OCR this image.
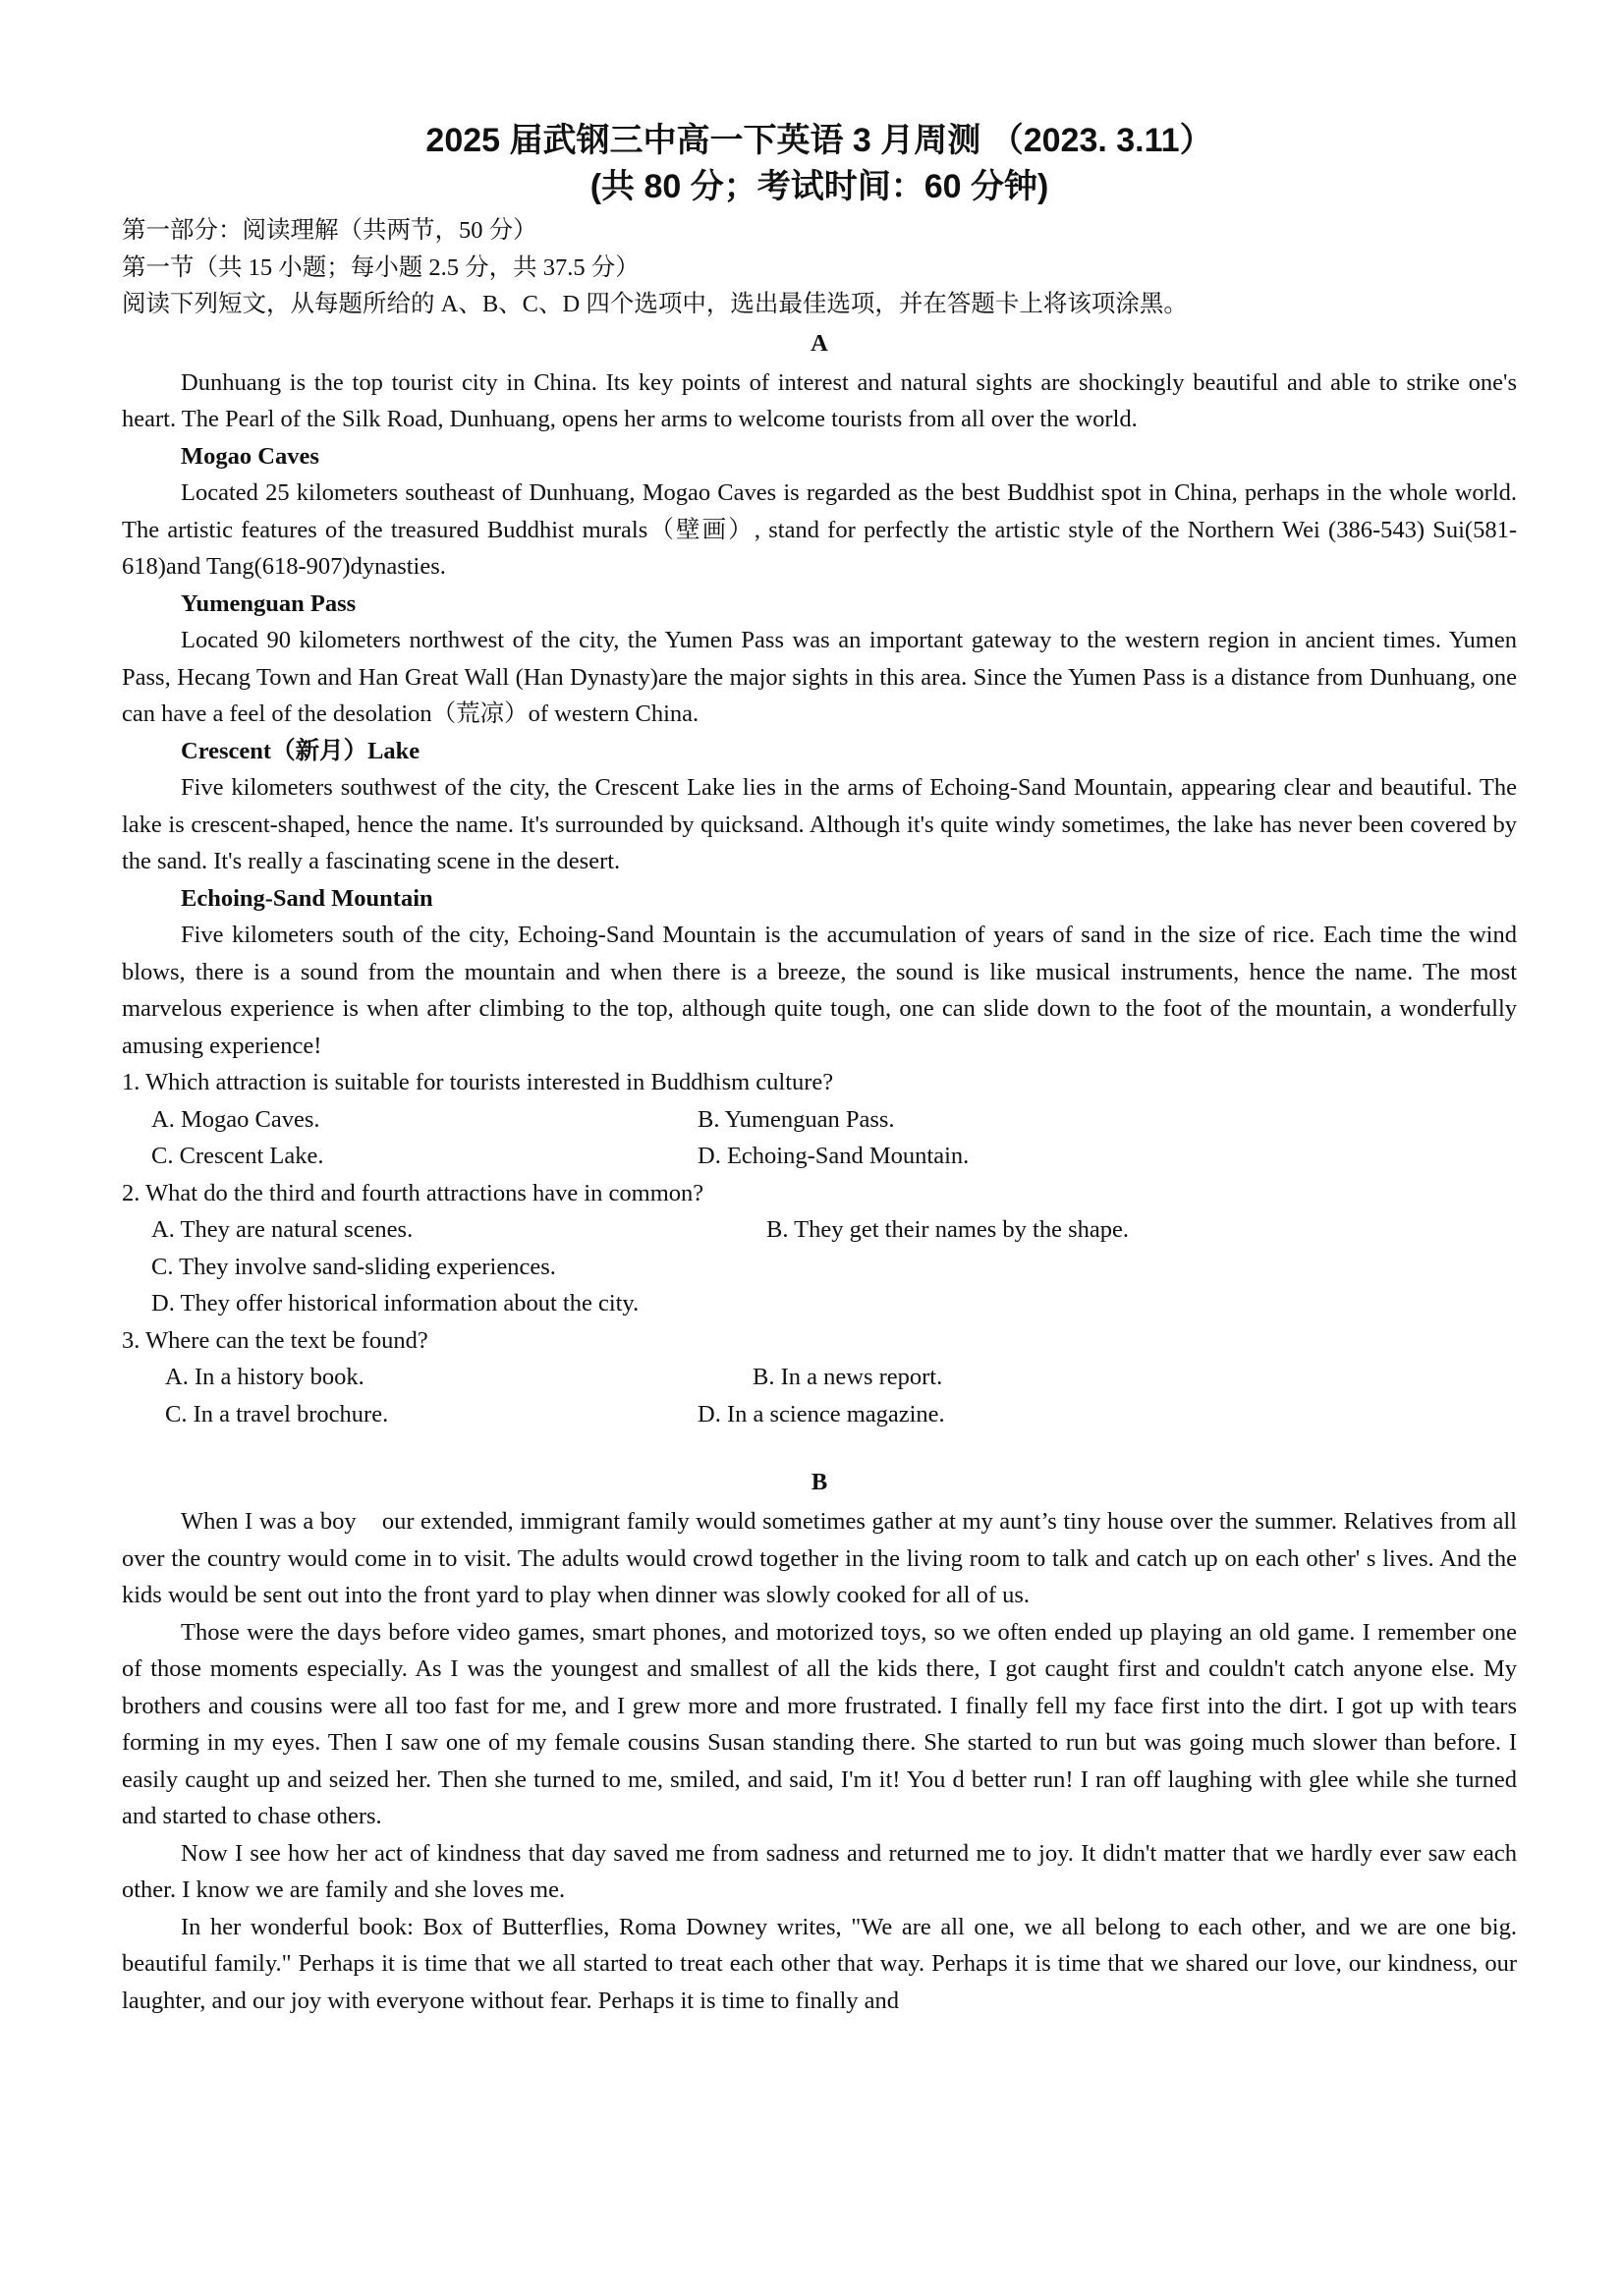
2025 届武钢三中高一下英语 3 月周测 （2023. 3.11）
(共 80 分；考试时间：60 分钟)
第一部分：阅读理解（共两节，50 分）
第一节（共 15 小题；每小题 2.5 分，共 37.5 分）
阅读下列短文，从每题所给的 A、B、C、D 四个选项中，选出最佳选项，并在答题卡上将该项涂黑。
A

Dunhuang is the top tourist city in China. Its key points of interest and natural sights are shockingly beautiful and able to strike one's heart. The Pearl of the Silk Road, Dunhuang, opens her arms to welcome tourists from all over the world.

Mogao Caves

Located 25 kilometers southeast of Dunhuang, Mogao Caves is regarded as the best Buddhist spot in China, perhaps in the whole world. The artistic features of the treasured Buddhist murals（壁画）, stand for perfectly the artistic style of the Northern Wei (386-543) Sui(581-618)and Tang(618-907)dynasties.

Yumenguan Pass

Located 90 kilometers northwest of the city, the Yumen Pass was an important gateway to the western region in ancient times. Yumen Pass, Hecang Town and Han Great Wall (Han Dynasty)are the major sights in this area. Since the Yumen Pass is a distance from Dunhuang, one can have a feel of the desolation（荒凉）of western China.

Crescent（新月）Lake

Five kilometers southwest of the city, the Crescent Lake lies in the arms of Echoing-Sand Mountain, appearing clear and beautiful. The lake is crescent-shaped, hence the name. It's surrounded by quicksand. Although it's quite windy sometimes, the lake has never been covered by the sand. It's really a fascinating scene in the desert.

Echoing-Sand Mountain

Five kilometers south of the city, Echoing-Sand Mountain is the accumulation of years of sand in the size of rice. Each time the wind blows, there is a sound from the mountain and when there is a breeze, the sound is like musical instruments, hence the name. The most marvelous experience is when after climbing to the top, although quite tough, one can slide down to the foot of the mountain, a wonderfully amusing experience!

1. Which attraction is suitable for tourists interested in Buddhism culture?
A. Mogao Caves.	B. Yumenguan Pass.
C. Crescent Lake.	D. Echoing-Sand Mountain.
2. What do the third and fourth attractions have in common?
A. They are natural scenes.	B. They get their names by the shape.
C. They involve sand-sliding experiences.
D. They offer historical information about the city.
3. Where can the text be found?
A. In a history book.	B. In a news report.
C. In a travel brochure.	D. In a science magazine.
B

When I was a boy    our extended, immigrant family would sometimes gather at my aunt’s tiny house over the summer. Relatives from all over the country would come in to visit. The adults would crowd together in the living room to talk and catch up on each other' s lives. And the kids would be sent out into the front yard to play when dinner was slowly cooked for all of us.

Those were the days before video games, smart phones, and motorized toys, so we often ended up playing an old game. I remember one of those moments especially. As I was the youngest and smallest of all the kids there, I got caught first and couldn't catch anyone else. My brothers and cousins were all too fast for me, and I grew more and more frustrated. I finally fell my face first into the dirt. I got up with tears forming in my eyes. Then I saw one of my female cousins Susan standing there. She started to run but was going much slower than before. I easily caught up and seized her. Then she turned to me, smiled, and said, I'm it! You d better run! I ran off laughing with glee while she turned and started to chase others.

Now I see how her act of kindness that day saved me from sadness and returned me to joy. It didn't matter that we hardly ever saw each other. I know we are family and she loves me.

In her wonderful book: Box of Butterflies, Roma Downey writes, "We are all one, we all belong to each other, and we are one big. beautiful family." Perhaps it is time that we all started to treat each other that way. Perhaps it is time that we shared our love, our kindness, our laughter, and our joy with everyone without fear. Perhaps it is time to finally and
